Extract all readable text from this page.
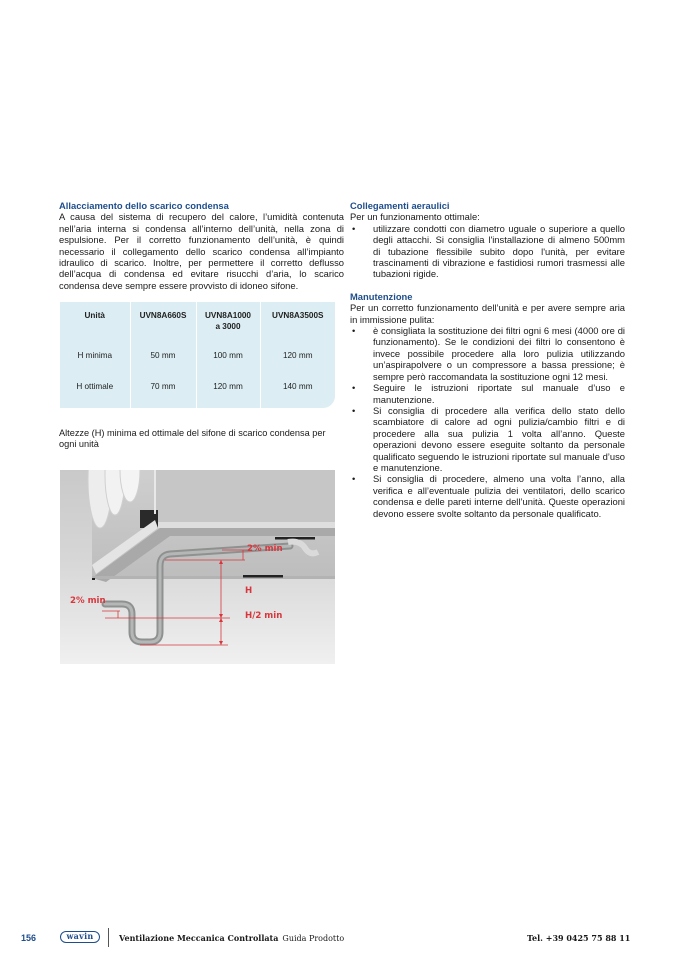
Allacciamento dello scarico condensa
A causa del sistema di recupero del calore, l’umidità contenuta nell’aria interna si condensa all’interno dell’unità, nella zona di espulsione. Per il corretto funzionamento dell’unità, è quindi necessario il collegamento dello scarico condensa all’impianto idraulico di scarico. Inoltre, per permettere il corretto deflusso dell’acqua di condensa ed evitare risucchi d’aria, lo scarico condensa deve sempre essere provvisto di idoneo sifone.
Unità	UVN8A660S	UVN8A1000 a 3000	UVN8A3500S
H minima	50 mm	100 mm	120 mm
H ottimale	70 mm	120 mm	140 mm
Altezze (H) minima ed ottimale del sifone di scarico condensa per ogni unità
2% min
2% min
H
H/2 min
Collegamenti aeraulici
Per un funzionamento ottimale:
• utilizzare condotti con diametro uguale o superiore a quello degli attacchi. Si consiglia l'installazione di almeno 500mm di tubazione flessibile subito dopo l'unità, per evitare trascinamenti di vibrazione e fastidiosi rumori trasmessi alle tubazioni rigide.
Manutenzione
Per un corretto funzionamento dell’unità e per avere sempre aria in immissione pulita:
• è consigliata la sostituzione dei filtri ogni 6 mesi (4000 ore di funzionamento). Se le condizioni dei filtri lo consentono è invece possibile procedere alla loro pulizia utilizzando un’aspirapolvere o un compressore a bassa pressione; è sempre però raccomandata la sostituzione ogni 12 mesi.
• Seguire le istruzioni riportate sul manuale d’uso e manutenzione.
• Si consiglia di procedere alla verifica dello stato dello scambiatore di calore ad ogni pulizia/cambio filtri e di procedere alla sua pulizia 1 volta all’anno. Queste operazioni devono essere eseguite soltanto da personale qualificato seguendo le istruzioni riportate sul manuale d’uso e manutenzione.
• Si consiglia di procedere, almeno una volta l’anno, alla verifica e all’eventuale pulizia dei ventilatori, dello scarico condensa e delle pareti interne dell’unità. Queste operazioni devono essere svolte soltanto da personale qualificato.
156	wavin	Ventilazione Meccanica Controllata Guida Prodotto	Tel. +39 0425 75 88 11
